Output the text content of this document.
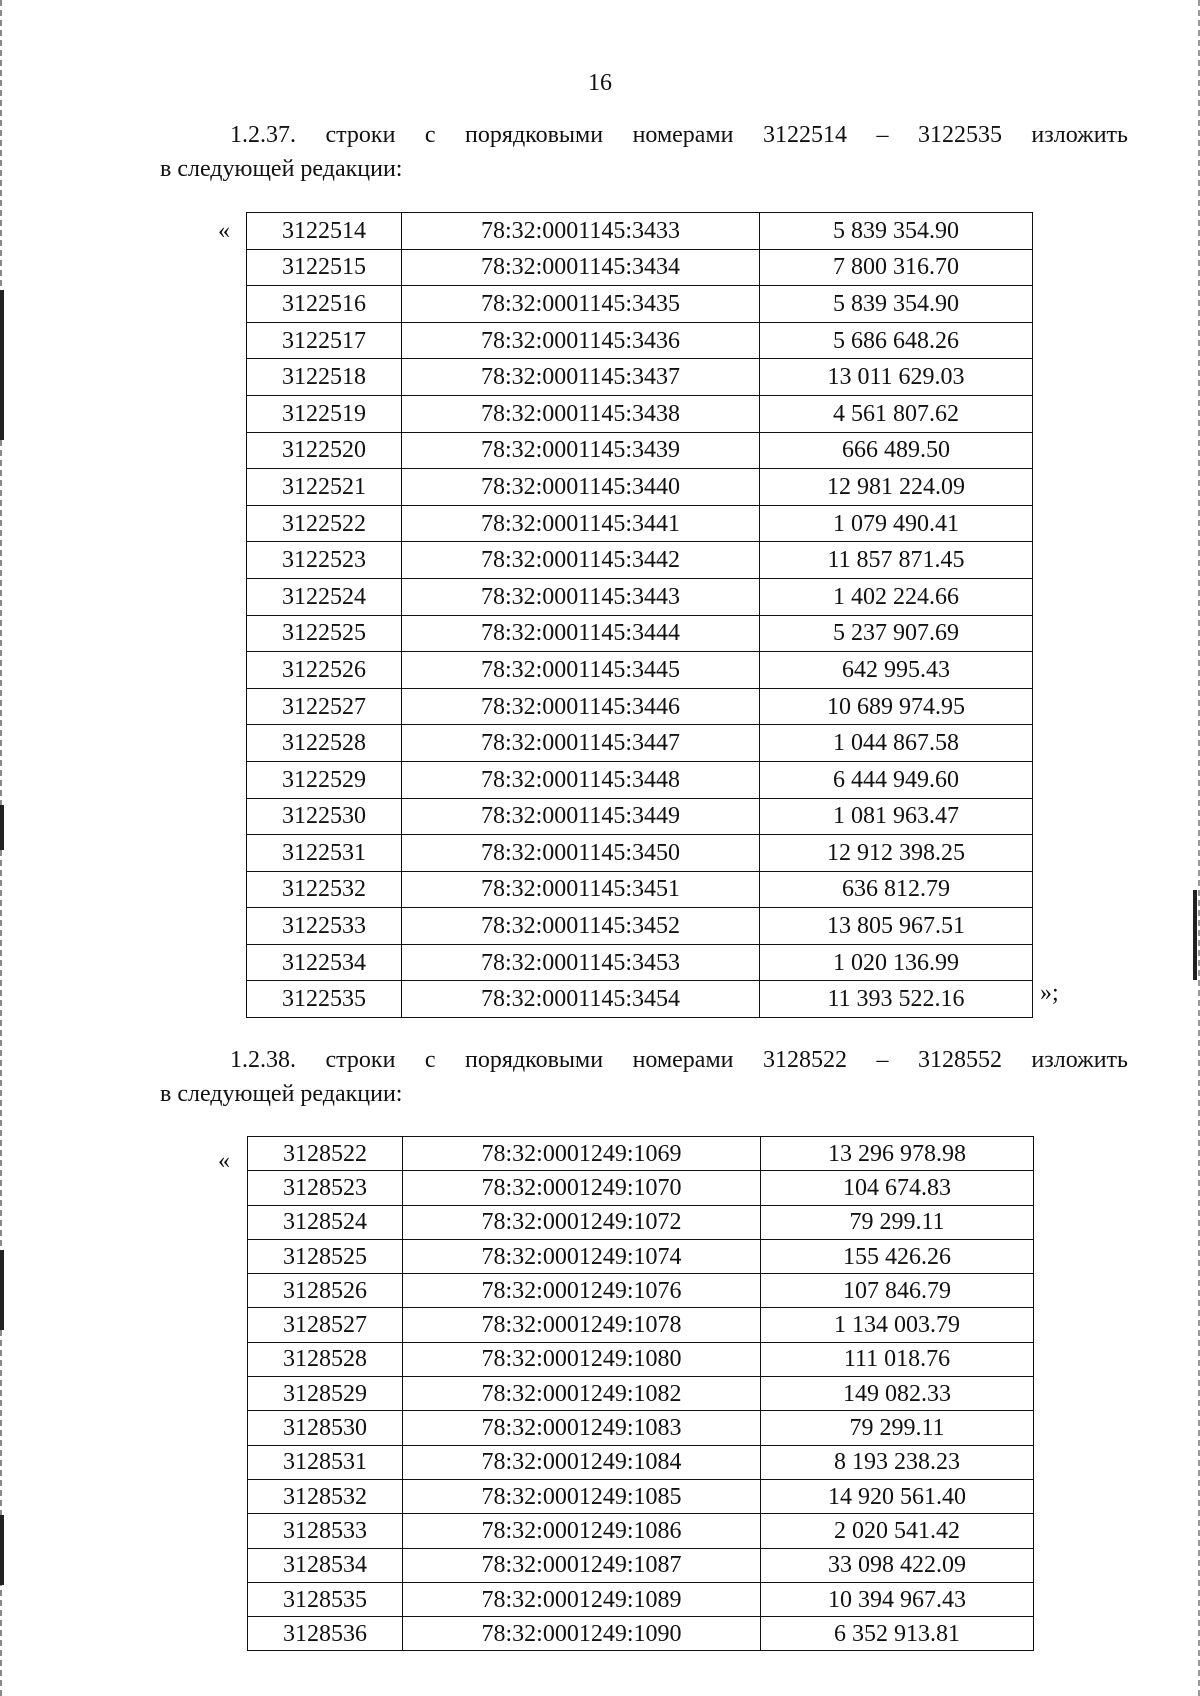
16
1.2.37. строки с порядковыми номерами 3122514 – 3122535 изложить
в следующей редакции:
« 3122514	78:32:0001145:3433	5 839 354.90
3122515	78:32:0001145:3434	7 800 316.70
3122516	78:32:0001145:3435	5 839 354.90
3122517	78:32:0001145:3436	5 686 648.26
3122518	78:32:0001145:3437	13 011 629.03
3122519	78:32:0001145:3438	4 561 807.62
3122520	78:32:0001145:3439	666 489.50
3122521	78:32:0001145:3440	12 981 224.09
3122522	78:32:0001145:3441	1 079 490.41
3122523	78:32:0001145:3442	11 857 871.45
3122524	78:32:0001145:3443	1 402 224.66
3122525	78:32:0001145:3444	5 237 907.69
3122526	78:32:0001145:3445	642 995.43
3122527	78:32:0001145:3446	10 689 974.95
3122528	78:32:0001145:3447	1 044 867.58
3122529	78:32:0001145:3448	6 444 949.60
3122530	78:32:0001145:3449	1 081 963.47
3122531	78:32:0001145:3450	12 912 398.25
3122532	78:32:0001145:3451	636 812.79
3122533	78:32:0001145:3452	13 805 967.51
3122534	78:32:0001145:3453	1 020 136.99
3122535	78:32:0001145:3454	11 393 522.16	»;
1.2.38. строки с порядковыми номерами 3128522 – 3128552 изложить
в следующей редакции:
« 3128522	78:32:0001249:1069	13 296 978.98
3128523	78:32:0001249:1070	104 674.83
3128524	78:32:0001249:1072	79 299.11
3128525	78:32:0001249:1074	155 426.26
3128526	78:32:0001249:1076	107 846.79
3128527	78:32:0001249:1078	1 134 003.79
3128528	78:32:0001249:1080	111 018.76
3128529	78:32:0001249:1082	149 082.33
3128530	78:32:0001249:1083	79 299.11
3128531	78:32:0001249:1084	8 193 238.23
3128532	78:32:0001249:1085	14 920 561.40
3128533	78:32:0001249:1086	2 020 541.42
3128534	78:32:0001249:1087	33 098 422.09
3128535	78:32:0001249:1089	10 394 967.43
3128536	78:32:0001249:1090	6 352 913.81
